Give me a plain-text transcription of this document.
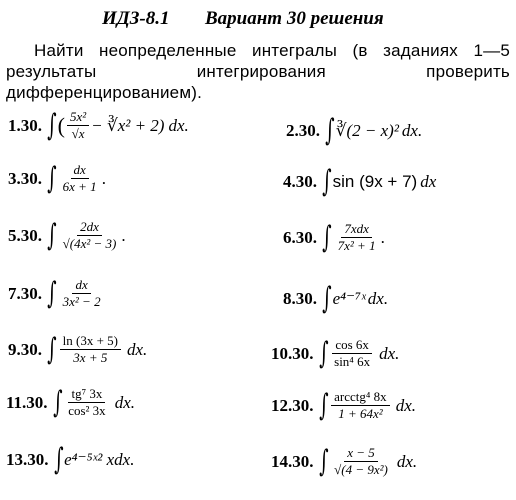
ИДЗ-8.1 Вариант 30 решения

Найти неопределенные интегралы (в заданиях 1—5 результаты интегрирования проверить дифференцированием).

1.30. ∫ ( $\frac{\text{5x²}}{√x}$ − ∛x² + 2) dx.	2.30. ∫ ∛(2 − x)² dx.
3.30. ∫ $\frac{dx}{6x + 1}$ .	4.30. ∫ sin (9x + 7) dx
5.30. ∫ $\frac{2dx}{\text{√(4x² − 3)}}$ .	6.30. ∫ $\frac{\text{7xdx}}{\text{7x² + 1}}$ .
7.30. ∫ $\frac{dx}{\text{3x² − 2}}$	8.30. ∫ e⁴⁻⁷ˣ dx.
9.30. ∫ $\frac{\ln (3x + 5)}{3x + 5}$ dx.	10.30. ∫ $\frac{\cos 6x}{\text{sin⁴ 6x}}$ dx.
11.30. ∫ $\frac{\text{tg⁷ 3x}}{\text{cos² 3x}}$ dx.	12.30. ∫ $\frac{\text{arcctg⁴ 8x}}{\text{1 + 64x²}}$ dx.
13.30. ∫ e⁴⁻⁵ˣ² xdx.	14.30. ∫ $\frac{x - 5}{\text{√(4 − 9x²)}}$ dx.
